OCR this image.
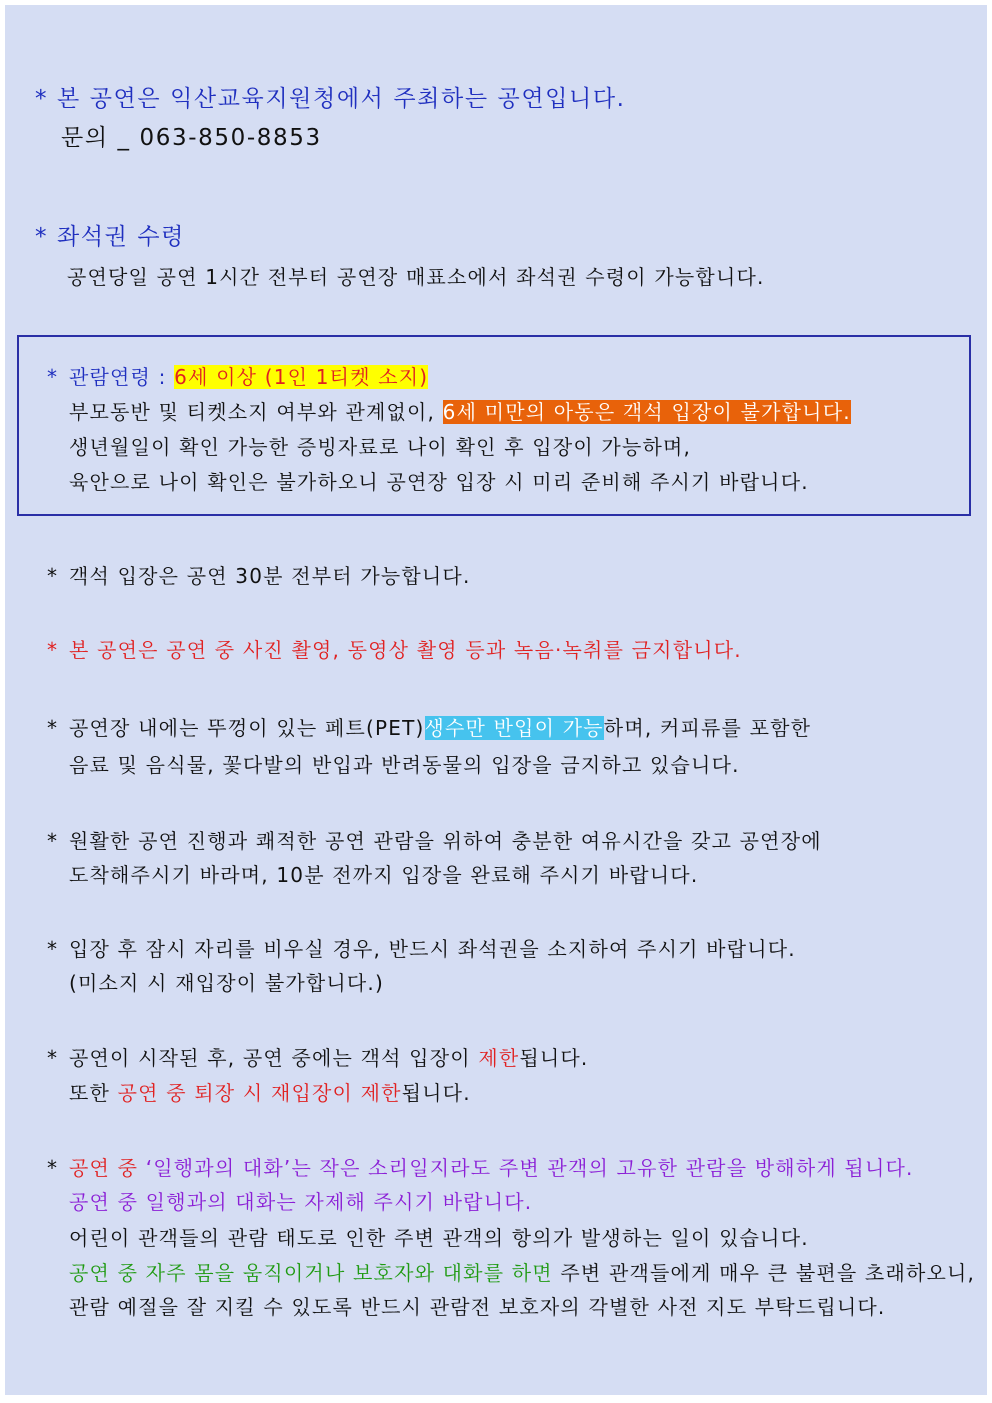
* 본 공연은 익산교육지원청에서 주최하는 공연입니다.
문의 _ 063-850-8853
* 좌석권 수령
공연당일 공연 1시간 전부터 공연장 매표소에서 좌석권 수령이 가능합니다.
* 관람연령 : 6세 이상 (1인 1티켓 소지)
부모동반 및 티켓소지 여부와 관계없이, 6세 미만의 아동은 객석 입장이 불가합니다.
생년월일이 확인 가능한 증빙자료로 나이 확인 후 입장이 가능하며,
육안으로 나이 확인은 불가하오니 공연장 입장 시 미리 준비해 주시기 바랍니다.
* 객석 입장은 공연 30분 전부터 가능합니다.
* 본 공연은 공연 중 사진 촬영, 동영상 촬영 등과 녹음·녹취를 금지합니다.
* 공연장 내에는 뚜껑이 있는 페트(PET)생수만 반입이 가능하며, 커피류를 포함한
음료 및 음식물, 꽃다발의 반입과 반려동물의 입장을 금지하고 있습니다.
* 원활한 공연 진행과 쾌적한 공연 관람을 위하여 충분한 여유시간을 갖고 공연장에
도착해주시기 바라며, 10분 전까지 입장을 완료해 주시기 바랍니다.
* 입장 후 잠시 자리를 비우실 경우, 반드시 좌석권을 소지하여 주시기 바랍니다.
(미소지 시 재입장이 불가합니다.)
* 공연이 시작된 후, 공연 중에는 객석 입장이 제한됩니다.
또한 공연 중 퇴장 시 재입장이 제한됩니다.
* 공연 중 ‘일행과의 대화’는 작은 소리일지라도 주변 관객의 고유한 관람을 방해하게 됩니다.
공연 중 일행과의 대화는 자제해 주시기 바랍니다.
어린이 관객들의 관람 태도로 인한 주변 관객의 항의가 발생하는 일이 있습니다.
공연 중 자주 몸을 움직이거나 보호자와 대화를 하면 주변 관객들에게 매우 큰 불편을 초래하오니,
관람 예절을 잘 지킬 수 있도록 반드시 관람전 보호자의 각별한 사전 지도 부탁드립니다.
